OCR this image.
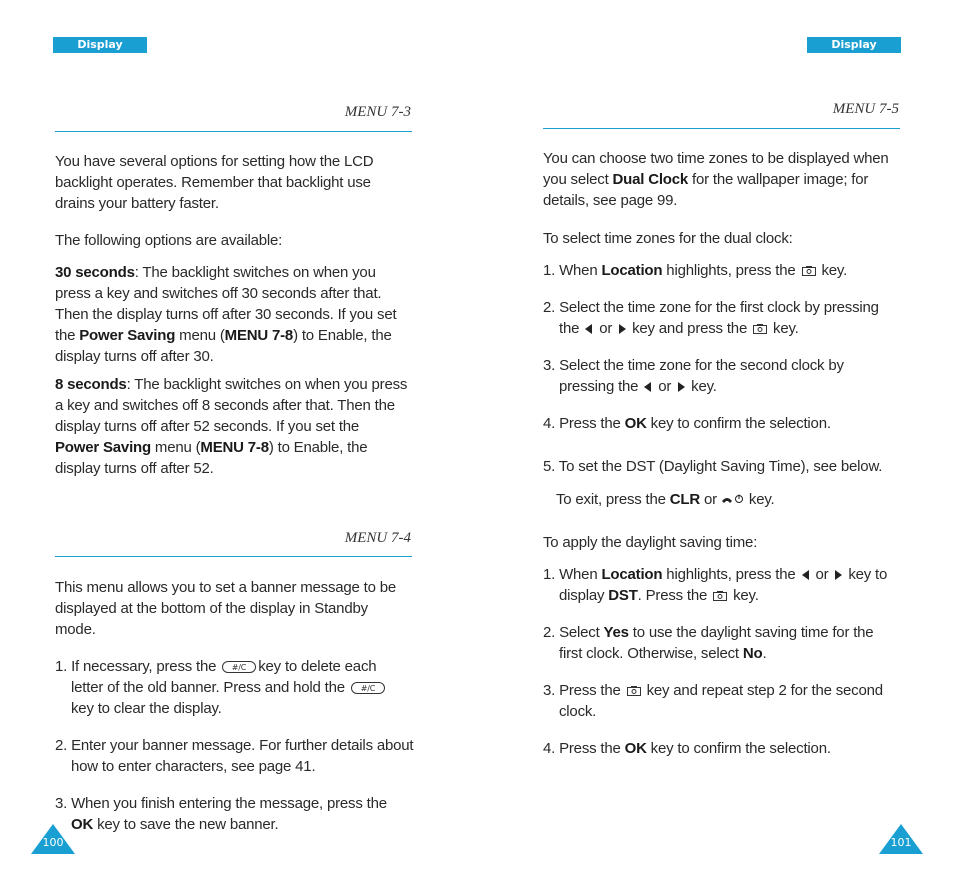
Display
MENU 7-3
You have several options for setting how the LCD
backlight operates. Remember that backlight use
drains your battery faster.
The following options are available:
30 seconds: The backlight switches on when you
press a key and switches off 30 seconds after that.
Then the display turns off after 30 seconds. If you set
the Power Saving menu (MENU 7-8) to Enable, the
display turns off after 30.
8 seconds: The backlight switches on when you press
a key and switches off 8 seconds after that. Then the
display turns off after 52 seconds. If you set the
Power Saving menu (MENU 7-8) to Enable, the
display turns off after 52.
MENU 7-4
This menu allows you to set a banner message to be
displayed at the bottom of the display in Standby
mode.
1. If necessary, press the	key to delete each
letter of the old banner. Press and hold the
key to clear the display.
2. Enter your banner message. For further details about
how to enter characters, see page 41.
3. When you finish entering the message, press the
OK key to save the new banner.
100
Display
MENU 7-5
You can choose two time zones to be displayed when
you select Dual Clock for the wallpaper image; for
details, see page 99.
To select time zones for the dual clock:
1. When Location highlights, press the key.
2. Select the time zone for the first clock by pressing
the or key and press the key.
3. Select the time zone for the second clock by
pressing the or key.
4. Press the OK key to confirm the selection.
5. To set the DST (Daylight Saving Time), see below.
To exit, press the CLR or key.
To apply the daylight saving time:
1. When Location highlights, press the or key to
display DST. Press the key.
2. Select Yes to use the daylight saving time for the
first clock. Otherwise, select No.
3. Press the key and repeat step 2 for the second
clock.
4. Press the OK key to confirm the selection.
101
